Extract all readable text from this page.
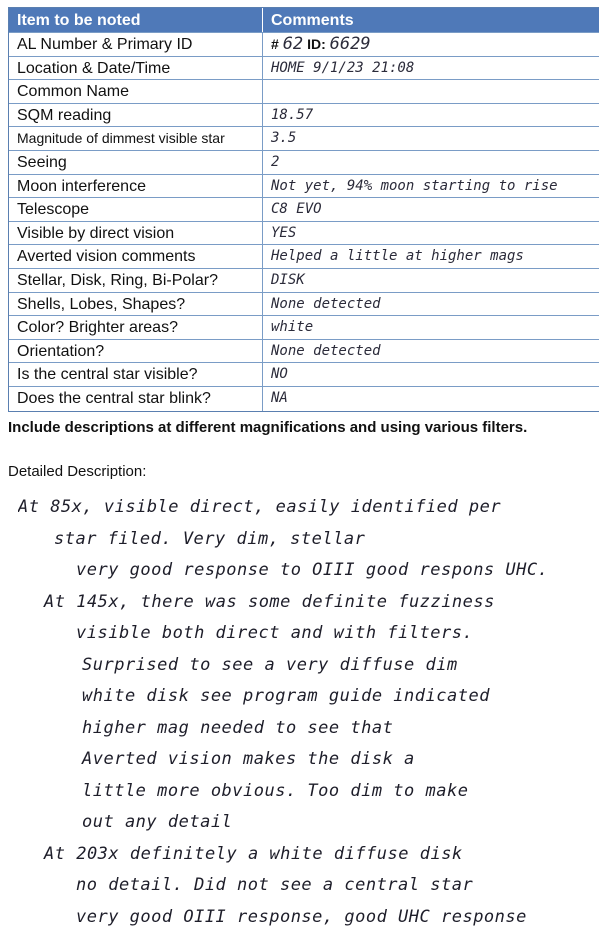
Item to be noted	Comments
AL Number & Primary ID	# 62 ID: 6629
Location & Date/Time	HOME 9/1/23 21:08
Common Name
SQM reading	18.57
Magnitude of dimmest visible star	3.5
Seeing	2
Moon interference	Not yet, 94% moon starting to rise
Telescope	C8 EVO
Visible by direct vision	YES
Averted vision comments	Helped a little at higher mags
Stellar, Disk, Ring, Bi-Polar?	DISK
Shells, Lobes, Shapes?	None detected
Color? Brighter areas?	white
Orientation?	None detected
Is the central star visible?	NO
Does the central star blink?	NA
Include descriptions at different magnifications and using various filters.
Detailed Description:
At 85x, visible direct, easily identified per
star filed. Very dim, stellar
very good response to OIII good respons UHC.
At 145x, there was some definite fuzziness
visible both direct and with filters.
Surprised to see a very diffuse dim
white disk see program guide indicated
higher mag needed to see that
Averted vision makes the disk a
little more obvious. Too dim to make
out any detail
At 203x definitely a white diffuse disk
no detail. Did not see a central star
very good OIII response, good UHC response
